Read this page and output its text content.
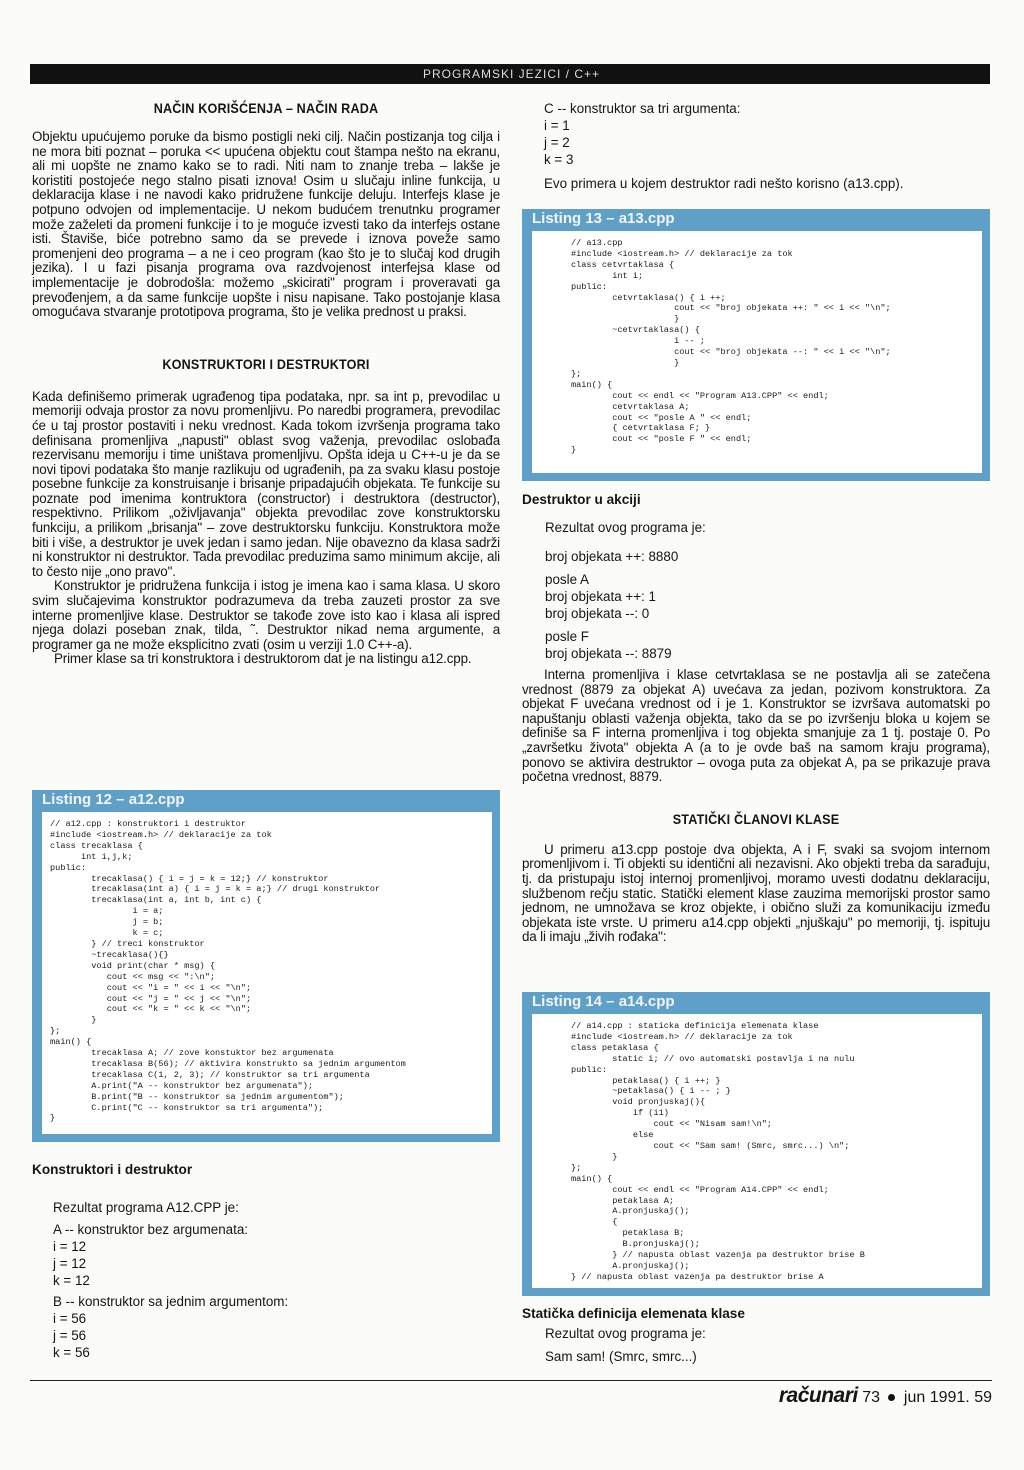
PROGRAMSKI JEZICI / C++
NAČIN KORIŠĆENJA – NAČIN RADA

Objektu upućujemo poruke da bismo postigli neki cilj. Način postizanja tog cilja i ne mora biti poznat – poruka << upućena objektu cout štampa nešto na ekranu, ali mi uopšte ne znamo kako se to radi. Niti nam to znanje treba – lakše je koristiti postojeće nego stalno pisati iznova! Osim u slučaju inline funkcija, u deklaracija klase i ne navodi kako pridružene funkcije deluju. Interfejs klase je potpuno odvojen od implementacije. U nekom budućem trenutnku programer može zaželeti da promeni funkcije i to je moguće izvesti tako da interfejs ostane isti. Štaviše, biće potrebno samo da se prevede i iznova poveže samo promenjeni deo programa – a ne i ceo program (kao što je to slučaj kod drugih jezika). I u fazi pisanja programa ova razdvojenost interfejsa klase od implementacije je dobrodošla: možemo „skicirati" program i proveravati ga prevođenjem, a da same funkcije uopšte i nisu napisane. Tako postojanje klasa omogućava stvaranje prototipova programa, što je velika prednost u praksi.

KONSTRUKTORI I DESTRUKTORI

Kada definišemo primerak ugrađenog tipa podataka, npr. sa int p, prevodilac u memoriji odvaja prostor za novu promenljivu. Po naredbi programera, prevodilac će u taj prostor postaviti i neku vrednost. Kada tokom izvršenja programa tako definisana promenljiva „napusti" oblast svog važenja, prevodilac oslobađa rezervisanu memoriju i time uništava promenljivu. Opšta ideja u C++-u je da se novi tipovi podataka što manje razlikuju od ugrađenih, pa za svaku klasu postoje posebne funkcije za konstruisanje i brisanje pripadajućih objekata. Te funkcije su poznate pod imenima kontruktora (constructor) i destruktora (destructor), respektivno. Prilikom „oživljavanja" objekta prevodilac zove konstruktorsku funkciju, a prilikom „brisanja" – zove destruktorsku funkciju. Konstruktora može biti i više, a destruktor je uvek jedan i samo jedan. Nije obavezno da klasa sadrži ni konstruktor ni destruktor. Tada prevodilac preduzima samo minimum akcije, ali to često nije „ono pravo".

Konstruktor je pridružena funkcija i istog je imena kao i sama klasa. U skoro svim slučajevima konstruktor podrazumeva da treba zauzeti prostor za sve interne promenljive klase. Destruktor se takođe zove isto kao i klasa ali ispred njega dolazi poseban znak, tilda, ˜. Destruktor nikad nema argumente, a programer ga ne može eksplicitno zvati (osim u verziji 1.0 C++-a).

Primer klase sa tri konstruktora i destruktorom dat je na listingu a12.cpp.

Listing 12 – a12.cpp
// a12.cpp : konstruktori i destruktor
#include <iostream.h> // deklaracije za tok
class trecaklasa {
int i,j,k;
public:
trecaklasa() { i = j = k = 12;} // konstruktor
trecaklasa(int a) { i = j = k = a;} // drugi konstruktor
trecaklasa(int a, int b, int c) {
i = a;
j = b;
k = c;
} // treci konstruktor
~trecaklasa(){}
void print(char * msg) {
cout << msg << ":\n";
cout << "i = " << i << "\n";
cout << "j = " << j << "\n";
cout << "k = " << k << "\n";
}
};
main() {
trecaklasa A; // zove konstuktor bez argumenata
trecaklasa B(56); // aktivira konstrukto sa jednim argumentom
trecaklasa C(1, 2, 3); // konstruktor sa tri argumenta
A.print("A -- konstruktor bez argumenata");
B.print("B -- konstruktor sa jednim argumentom");
C.print("C -- konstruktor sa tri argumenta");
}

Konstruktori i destruktor

Rezultat programa A12.CPP je:

A -- konstruktor bez argumenata:

i = 12

j = 12

k = 12

B -- konstruktor sa jednim argumentom:

i = 56

j = 56

k = 56

C -- konstruktor sa tri argumenta:

i = 1

j = 2

k = 3

Evo primera u kojem destruktor radi nešto korisno (a13.cpp).

Listing 13 – a13.cpp
// a13.cpp
#include <iostream.h> // deklaracije za tok
class cetvrtaklasa {
int i;
public:
cetvrtaklasa() { i ++;
cout << "broj objekata ++: " << i << "\n";
}
~cetvrtaklasa() {
i -- ;
cout << "broj objekata --: " << i << "\n";
}
};
main() {
cout << endl << "Program A13.CPP" << endl;
cetvrtaklasa A;
cout << "posle A " << endl;
{ cetvrtaklasa F; }
cout << "posle F " << endl;
}

Destruktor u akciji

Rezultat ovog programa je:

broj objekata ++: 8880

posle A

broj objekata ++: 1

broj objekata --: 0

posle F

broj objekata --: 8879

Interna promenljiva i klase cetvrtaklasa se ne postavlja ali se zatečena vrednost (8879 za objekat A) uvećava za jedan, pozivom konstruktora. Za objekat F uvećana vrednost od i je 1. Konstruktor se izvršava automatski po napuštanju oblasti važenja objekta, tako da se po izvršenju bloka u kojem se definiše sa F interna promenljiva i tog objekta smanjuje za 1 tj. postaje 0. Po „završetku života" objekta A (a to je ovde baš na samom kraju programa), ponovo se aktivira destruktor – ovoga puta za objekat A, pa se prikazuje prava početna vrednost, 8879.

STATIČKI ČLANOVI KLASE

U primeru a13.cpp postoje dva objekta, A i F, svaki sa svojom internom promenljivom i. Ti objekti su identični ali nezavisni. Ako objekti treba da sarađuju, tj. da pristupaju istoj internoj promenljivoj, moramo uvesti dodatnu deklaraciju, službenom rečju static. Statički element klase zauzima memorijski prostor samo jednom, ne umnožava se kroz objekte, i obično služi za komunikaciju između objekata iste vrste. U primeru a14.cpp objekti „njuškaju" po memoriji, tj. ispituju da li imaju „živih rođaka":

Listing 14 – a14.cpp
// a14.cpp : staticka definicija elemenata klase
#include <iostream.h> // deklaracije za tok
class petaklasa {
static i; // ovo automatski postavlja i na nulu
public:
petaklasa() { i ++; }
~petaklasa() { i -- ; }
void pronjuskaj(){
if (i1)
cout << "Nisam sam!\n";
else
cout << "Sam sam! (Smrc, smrc...) \n";
}
};
main() {
cout << endl << "Program A14.CPP" << endl;
petaklasa A;
A.pronjuskaj();
{
petaklasa B;
B.pronjuskaj();
} // napusta oblast vazenja pa destruktor brise B
A.pronjuskaj();
} // napusta oblast vazenja pa destruktor brise A

Statička definicija elemenata klase

Rezultat ovog programa je:

Sam sam! (Smrc, smrc...)

računari 73 jun 1991. 59
